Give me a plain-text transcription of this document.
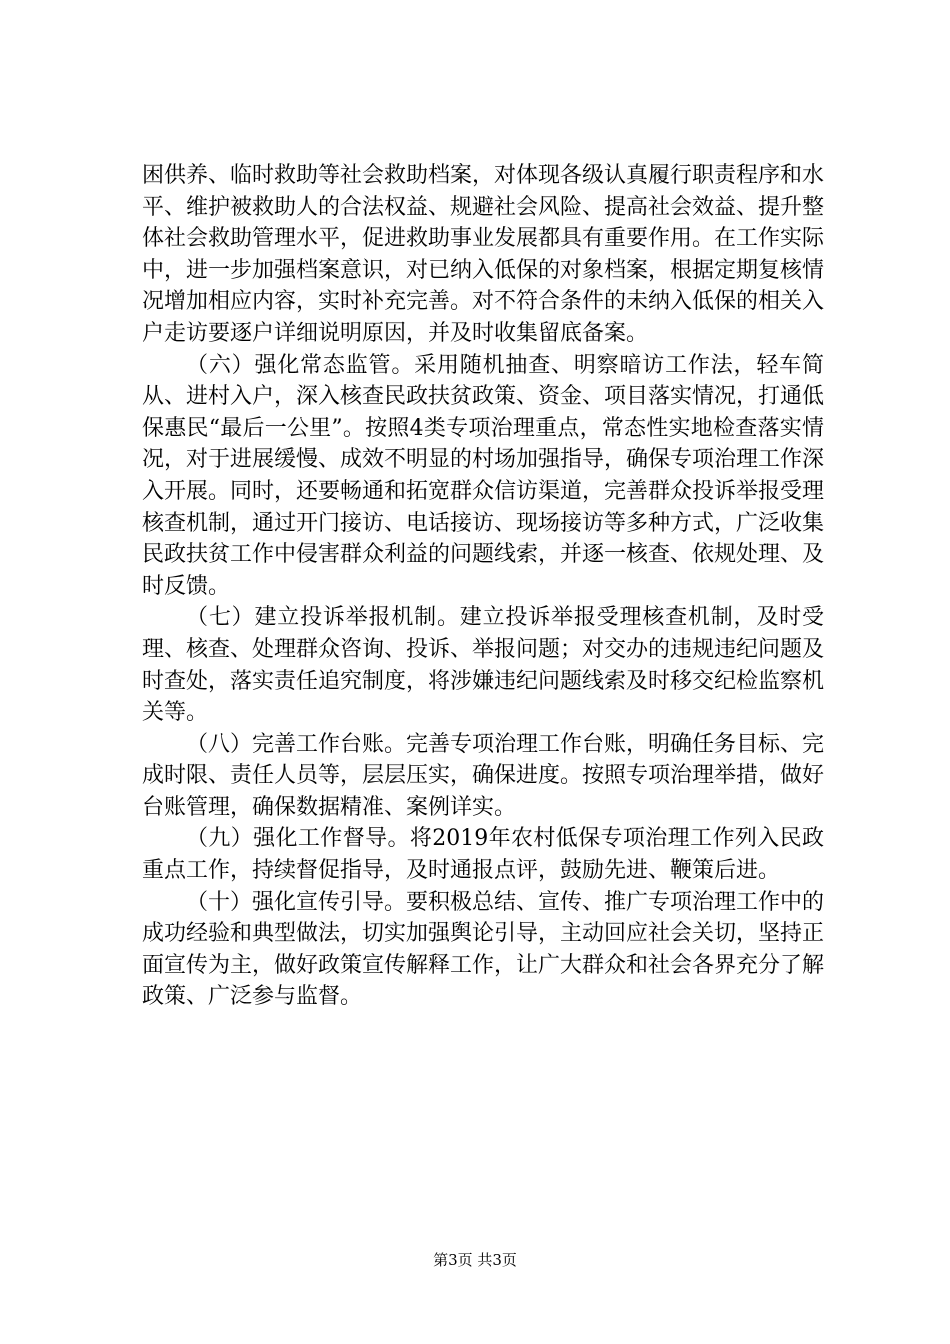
困供养、临时救助等社会救助档案，对体现各级认真履行职责程序和水平、维护被救助人的合法权益、规避社会风险、提高社会效益、提升整体社会救助管理水平，促进救助事业发展都具有重要作用。在工作实际中，进一步加强档案意识，对已纳入低保的对象档案，根据定期复核情况增加相应内容，实时补充完善。对不符合条件的未纳入低保的相关入户走访要逐户详细说明原因，并及时收集留底备案。

（六）强化常态监管。采用随机抽查、明察暗访工作法，轻车简从、进村入户，深入核查民政扶贫政策、资金、项目落实情况，打通低保惠民“最后一公里”。按照4类专项治理重点，常态性实地检查落实情况，对于进展缓慢、成效不明显的村场加强指导，确保专项治理工作深入开展。同时，还要畅通和拓宽群众信访渠道，完善群众投诉举报受理核查机制，通过开门接访、电话接访、现场接访等多种方式，广泛收集民政扶贫工作中侵害群众利益的问题线索，并逐一核查、依规处理、及时反馈。

（七）建立投诉举报机制。建立投诉举报受理核查机制，及时受理、核查、处理群众咨询、投诉、举报问题；对交办的违规违纪问题及时查处，落实责任追究制度，将涉嫌违纪问题线索及时移交纪检监察机关等。

（八）完善工作台账。完善专项治理工作台账，明确任务目标、完成时限、责任人员等，层层压实，确保进度。按照专项治理举措，做好台账管理，确保数据精准、案例详实。

（九）强化工作督导。将2019年农村低保专项治理工作列入民政重点工作，持续督促指导，及时通报点评，鼓励先进、鞭策后进。

（十）强化宣传引导。要积极总结、宣传、推广专项治理工作中的成功经验和典型做法，切实加强舆论引导，主动回应社会关切，坚持正面宣传为主，做好政策宣传解释工作，让广大群众和社会各界充分了解政策、广泛参与监督。

第3页 共3页
